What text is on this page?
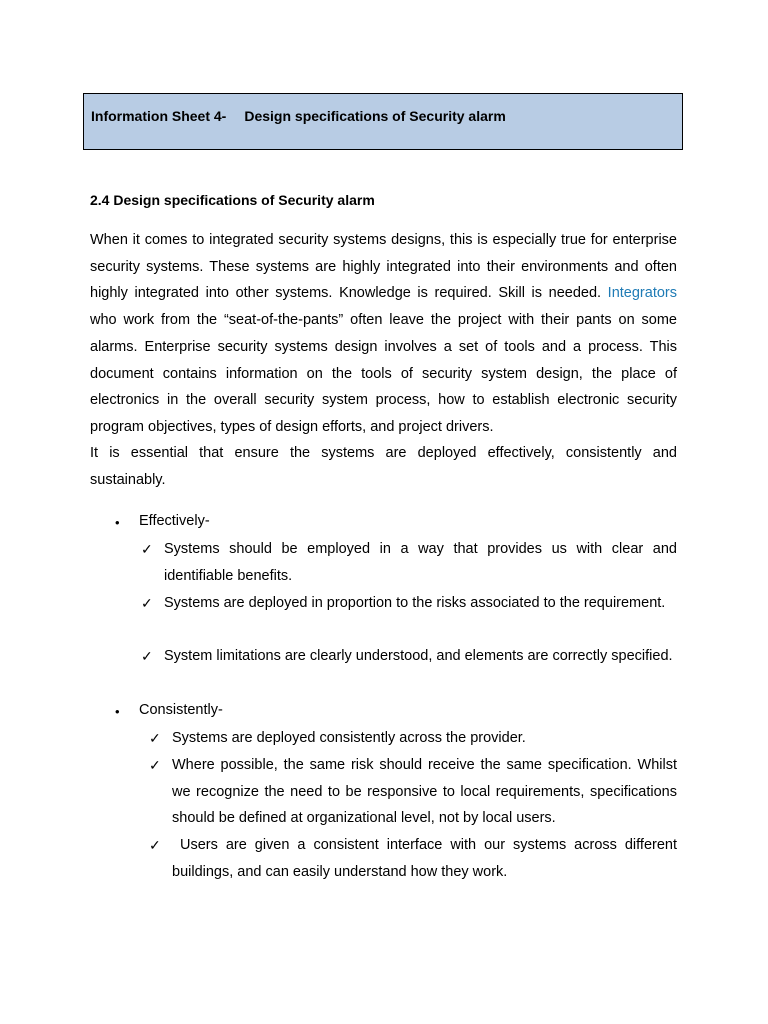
Information Sheet 4- Design specifications of Security alarm
2.4 Design specifications of Security alarm

When it comes to integrated security systems designs, this is especially true for enterprise security systems. These systems are highly integrated into their environments and often highly integrated into other systems. Knowledge is required. Skill is needed. Integrators who work from the “seat-of-the-pants” often leave the project with their pants on some alarms. Enterprise security systems design involves a set of tools and a process. This document contains information on the tools of security system design, the place of electronics in the overall security system process, how to establish electronic security program objectives, types of design efforts, and project drivers.

It is essential that ensure the systems are deployed effectively, consistently and sustainably.

• Effectively-

✓ Systems should be employed in a way that provides us with clear and identifiable benefits.

✓ Systems are deployed in proportion to the risks associated to the requirement.

✓ System limitations are clearly understood, and elements are correctly specified.

• Consistently-

✓ Systems are deployed consistently across the provider.

✓ Where possible, the same risk should receive the same specification. Whilst we recognize the need to be responsive to local requirements, specifications should be defined at organizational level, not by local users.

✓ Users are given a consistent interface with our systems across different buildings, and can easily understand how they work.
